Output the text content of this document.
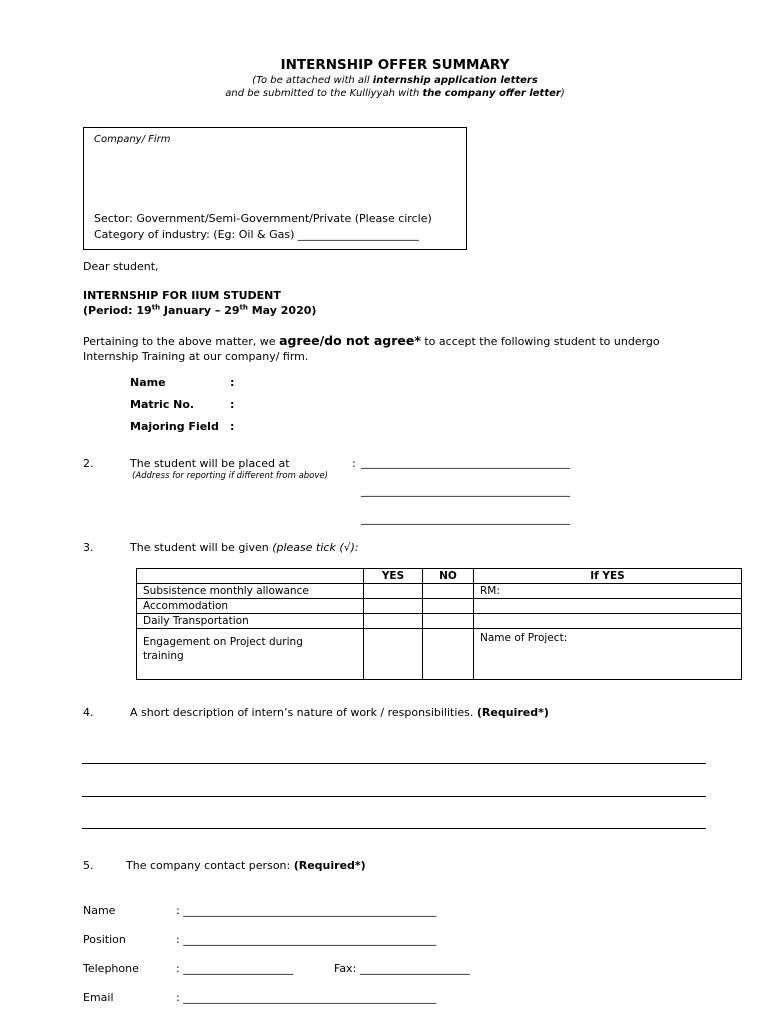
INTERNSHIP OFFER SUMMARY
(To be attached with all internship application letters
and be submitted to the Kulliyyah with the company offer letter)
Company/ Firm
Sector: Government/Semi-Government/Private (Please circle)
Category of industry: (Eg: Oil & Gas) ______________________
Dear student,
INTERNSHIP FOR IIUM STUDENT
(Period: 19th January – 29th May 2020)
Pertaining to the above matter, we agree/do not agree* to accept the following student to undergo
Internship Training at our company/ firm.
Name	:
Matric No.	:
Majoring Field :
2.	The student will be placed at
(Address for reporting if different from above)
: ______________________________________
______________________________________
______________________________________
3.	The student will be given (please tick (√):
	YES	NO	If YES
Subsistence monthly allowance			RM:
Accommodation			
Daily Transportation			
Engagement on Project during training			Name of Project:
4.	A short description of intern’s nature of work / responsibilities. (Required*)
5.	The company contact person: (Required*)
Name	: ______________________________________________
Position	: ______________________________________________
Telephone	: ____________________	Fax: ____________________
Email	: ______________________________________________
